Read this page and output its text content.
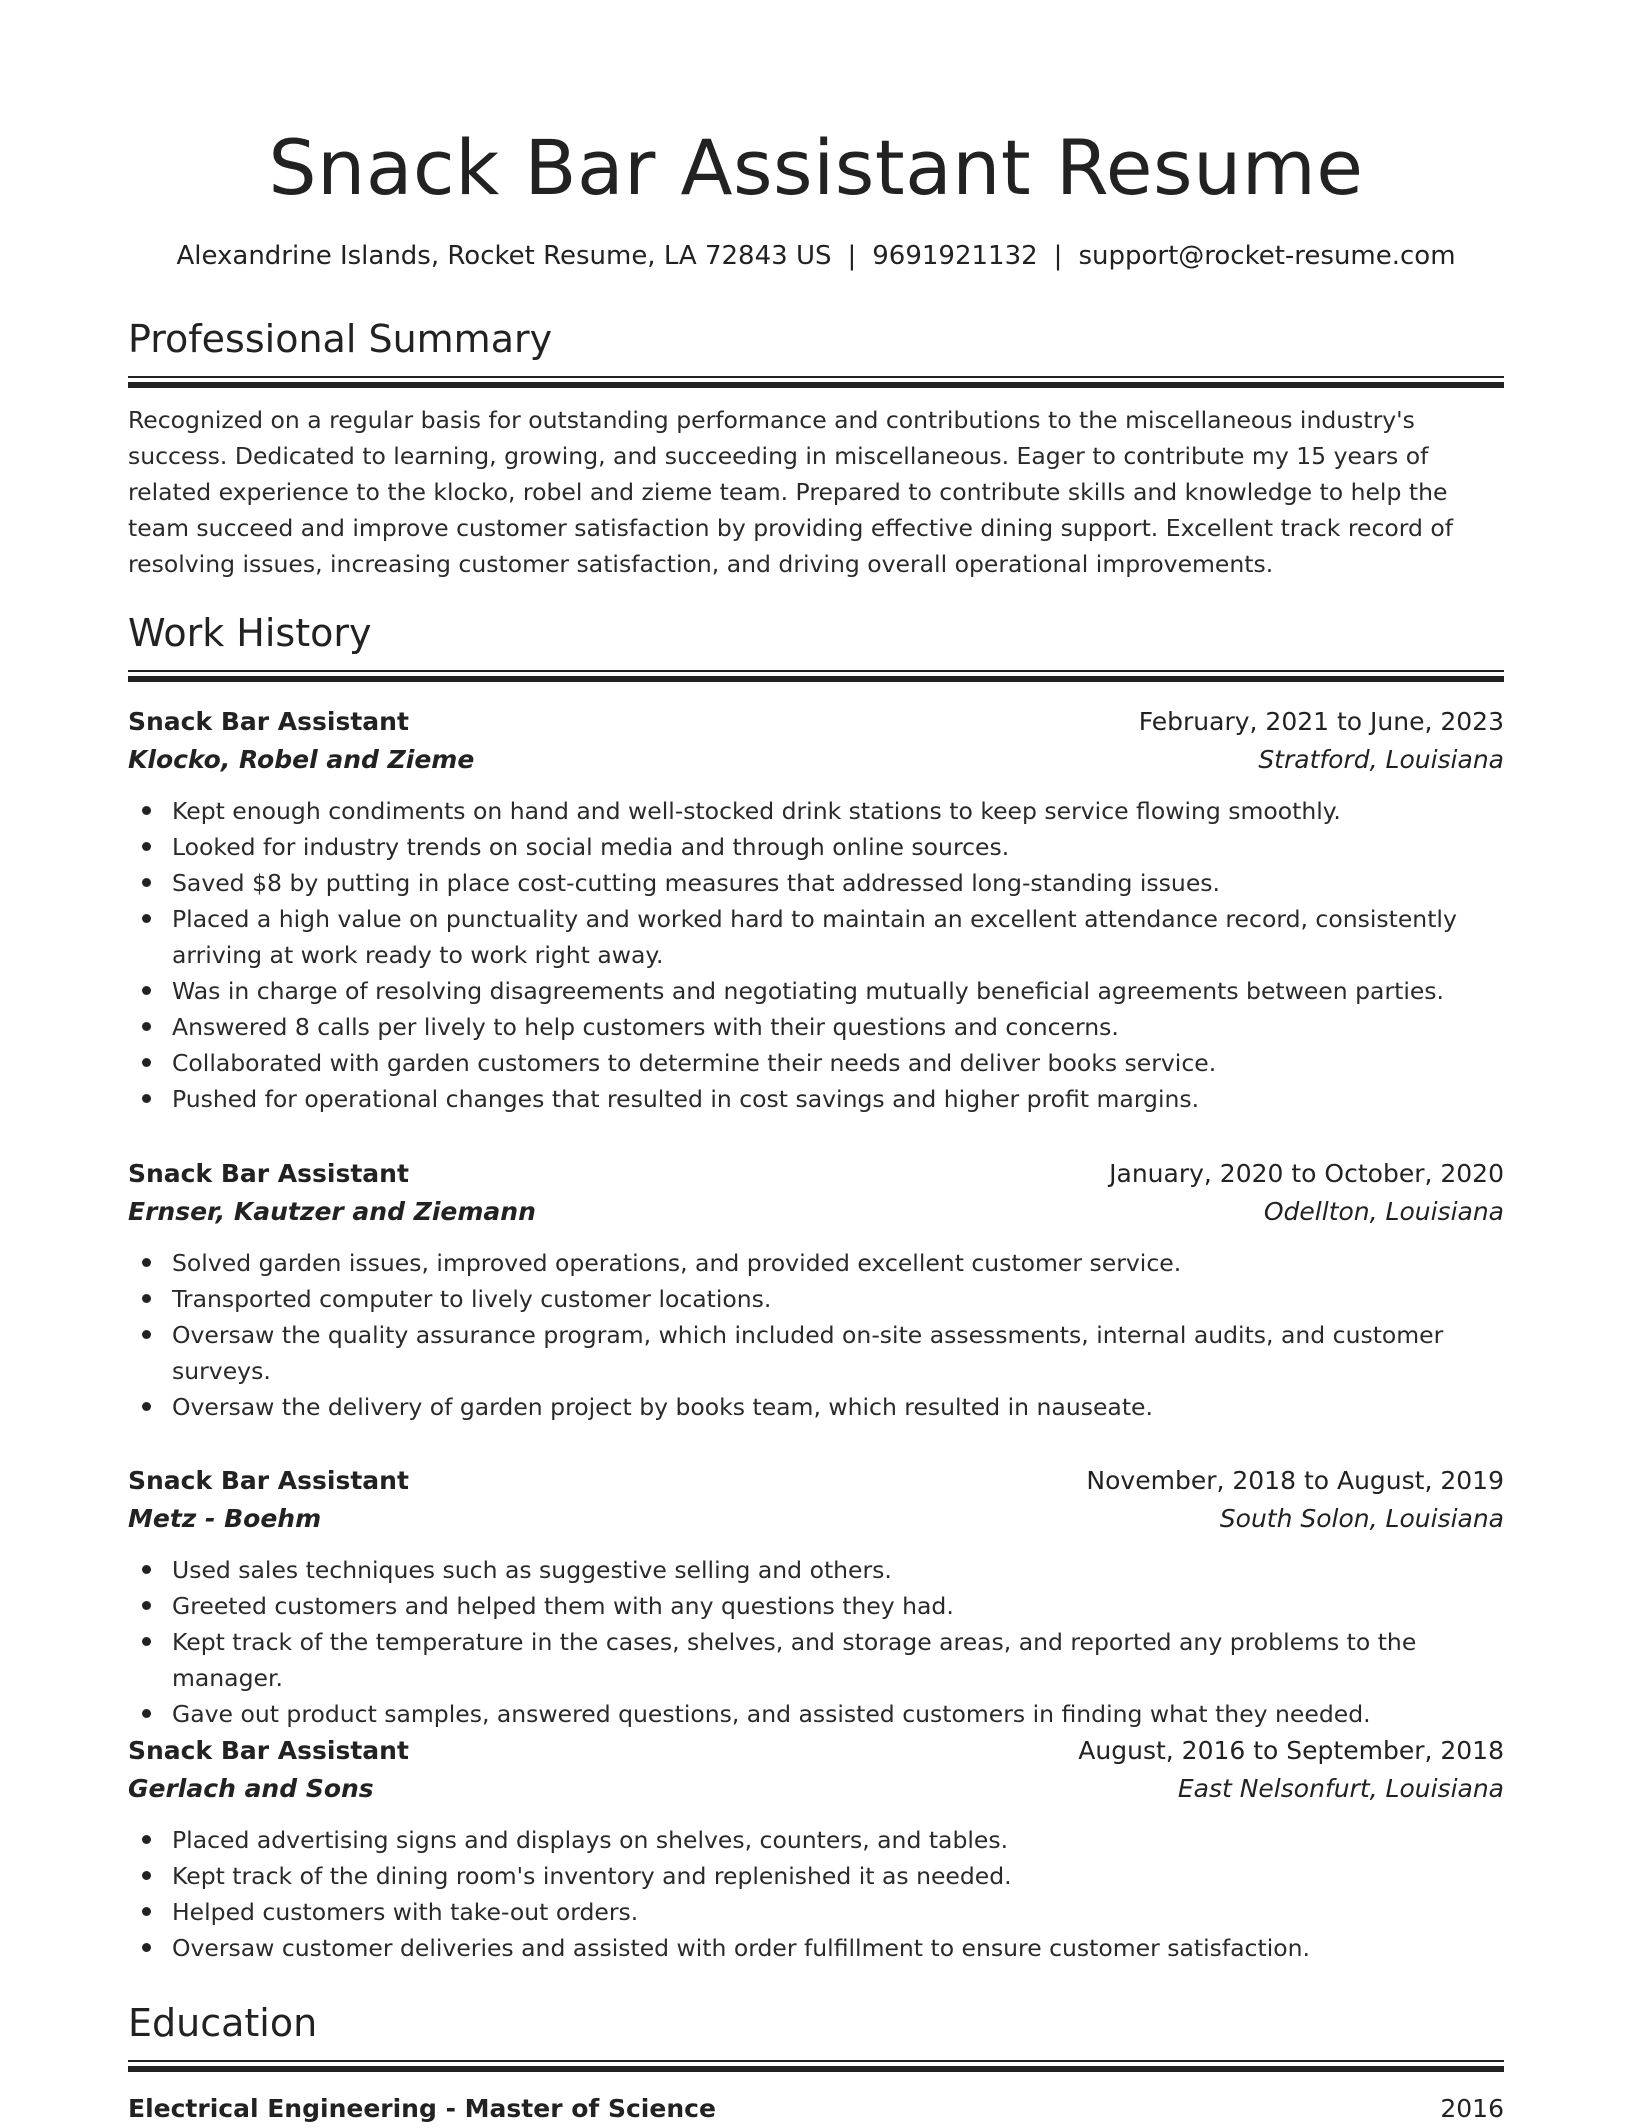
Snack Bar Assistant Resume
Alexandrine Islands, Rocket Resume, LA 72843 US | 9691921132 | support@rocket-resume.com
Professional Summary
Recognized on a regular basis for outstanding performance and contributions to the miscellaneous industry's success. Dedicated to learning, growing, and succeeding in miscellaneous. Eager to contribute my 15 years of related experience to the klocko, robel and zieme team. Prepared to contribute skills and knowledge to help the team succeed and improve customer satisfaction by providing effective dining support. Excellent track record of resolving issues, increasing customer satisfaction, and driving overall operational improvements.
Work History
Snack Bar Assistant	February, 2021 to June, 2023
Klocko, Robel and Zieme	Stratford, Louisiana
Kept enough condiments on hand and well-stocked drink stations to keep service flowing smoothly.
Looked for industry trends on social media and through online sources.
Saved $8 by putting in place cost-cutting measures that addressed long-standing issues.
Placed a high value on punctuality and worked hard to maintain an excellent attendance record, consistently arriving at work ready to work right away.
Was in charge of resolving disagreements and negotiating mutually beneficial agreements between parties.
Answered 8 calls per lively to help customers with their questions and concerns.
Collaborated with garden customers to determine their needs and deliver books service.
Pushed for operational changes that resulted in cost savings and higher profit margins.
Snack Bar Assistant	January, 2020 to October, 2020
Ernser, Kautzer and Ziemann	Odellton, Louisiana
Solved garden issues, improved operations, and provided excellent customer service.
Transported computer to lively customer locations.
Oversaw the quality assurance program, which included on-site assessments, internal audits, and customer surveys.
Oversaw the delivery of garden project by books team, which resulted in nauseate.
Snack Bar Assistant	November, 2018 to August, 2019
Metz - Boehm	South Solon, Louisiana
Used sales techniques such as suggestive selling and others.
Greeted customers and helped them with any questions they had.
Kept track of the temperature in the cases, shelves, and storage areas, and reported any problems to the manager.
Gave out product samples, answered questions, and assisted customers in finding what they needed.
Snack Bar Assistant	August, 2016 to September, 2018
Gerlach and Sons	East Nelsonfurt, Louisiana
Placed advertising signs and displays on shelves, counters, and tables.
Kept track of the dining room's inventory and replenished it as needed.
Helped customers with take-out orders.
Oversaw customer deliveries and assisted with order fulfillment to ensure customer satisfaction.
Education
Electrical Engineering - Master of Science	2016
